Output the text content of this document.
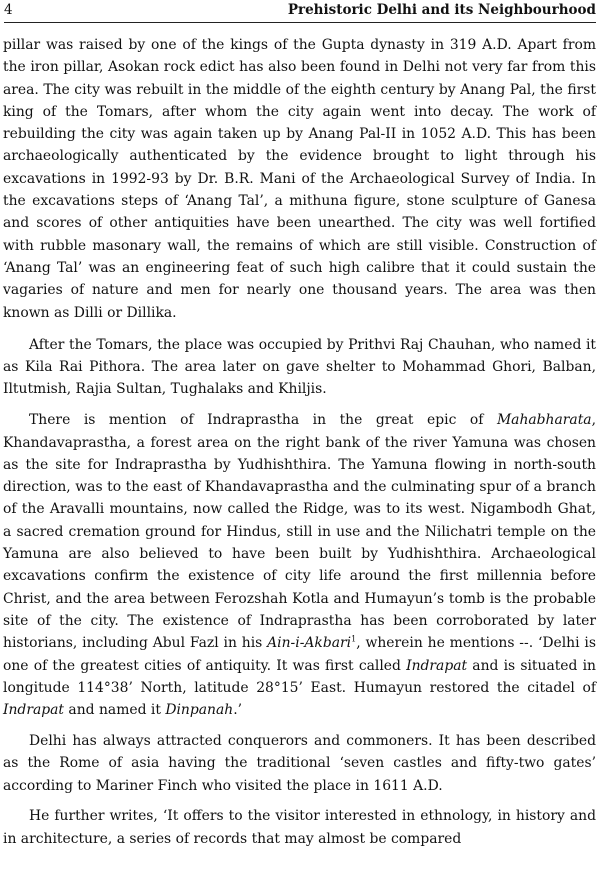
4	Prehistoric Delhi and its Neighbourhood

pillar was raised by one of the kings of the Gupta dynasty in 319 A.D. Apart from the iron pillar, Asokan rock edict has also been found in Delhi not very far from this area. The city was rebuilt in the middle of the eighth century by Anang Pal, the first king of the Tomars, after whom the city again went into decay. The work of rebuilding the city was again taken up by Anang Pal-II in 1052 A.D. This has been archaeologically authenticated by the evidence brought to light through his excavations in 1992-93 by Dr. B.R. Mani of the Archaeological Survey of India. In the excavations steps of ‘Anang Tal’, a mithuna figure, stone sculpture of Ganesa and scores of other antiquities have been unearthed. The city was well fortified with rubble masonary wall, the remains of which are still visible. Construction of ‘Anang Tal’ was an engineering feat of such high calibre that it could sustain the vagaries of nature and men for nearly one thousand years. The area was then known as Dilli or Dillika.

After the Tomars, the place was occupied by Prithvi Raj Chauhan, who named it as Kila Rai Pithora. The area later on gave shelter to Mohammad Ghori, Balban, Iltutmish, Rajia Sultan, Tughalaks and Khiljis.

There is mention of Indraprastha in the great epic of Mahabharata, Khandavaprastha, a forest area on the right bank of the river Yamuna was chosen as the site for Indraprastha by Yudhishthira. The Yamuna flowing in north-south direction, was to the east of Khandavaprastha and the culminating spur of a branch of the Aravalli mountains, now called the Ridge, was to its west. Nigambodh Ghat, a sacred cremation ground for Hindus, still in use and the Nilichatri temple on the Yamuna are also believed to have been built by Yudhishthira. Archaeological excavations confirm the existence of city life around the first millennia before Christ, and the area between Ferozshah Kotla and Humayun’s tomb is the probable site of the city. The existence of Indraprastha has been corroborated by later historians, including Abul Fazl in his Ain-i-Akbari$^1$, wherein he mentions --. ‘Delhi is one of the greatest cities of antiquity. It was first called Indrapat and is situated in longitude 114°38’ North, latitude 28°15’ East. Humayun restored the citadel of Indrapat and named it Dinpanah.’

Delhi has always attracted conquerors and commoners. It has been described as the Rome of asia having the traditional ‘seven castles and fifty-two gates’ according to Mariner Finch who visited the place in 1611 A.D.

He further writes, ‘It offers to the visitor interested in ethnology, in history and in architecture, a series of records that may almost be compared
